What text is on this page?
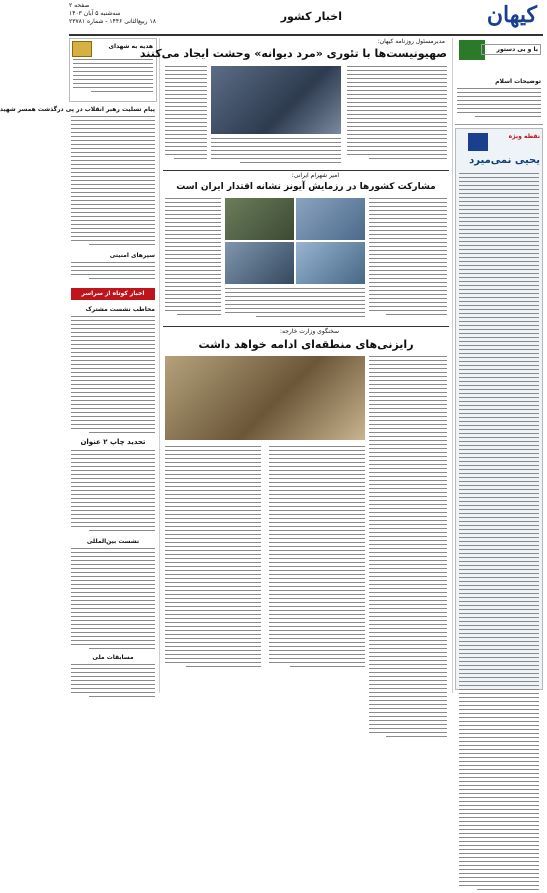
کیهان
اخبار کشور
صفحه ۲
سه‌شنبه ۵ آبان ۱۴۰۳
۱۸ ربیع‌الثانی ۱۴۴۶ - شماره ۲۳۷۸۱
با و بی دستور
توضیحات اسلام
نقطه ویژه
یحیی نمی‌میرد
هدیه به شهدای
پیام تسلیت رهبر انقلاب در پی درگذشت همسر شهید
سپرهای امنیتی
اخبار کوتاه از سراسر
مخاطب نشست مشترک
تحدید چاپ ۲ عنوان
نشست بین‌المللی
مسابقات ملی
مدیرمسئول روزنامه کیهان:
صهیونیست‌ها با تئوری «مرد دیوانه» وحشت ایجاد می‌کنند
امیر شهرام ایرانی:
مشارکت کشورها در رزمایش آیونز نشانه اقتدار ایران است
سخنگوی وزارت خارجه:
رایزنی‌های منطقه‌ای ادامه خواهد داشت
